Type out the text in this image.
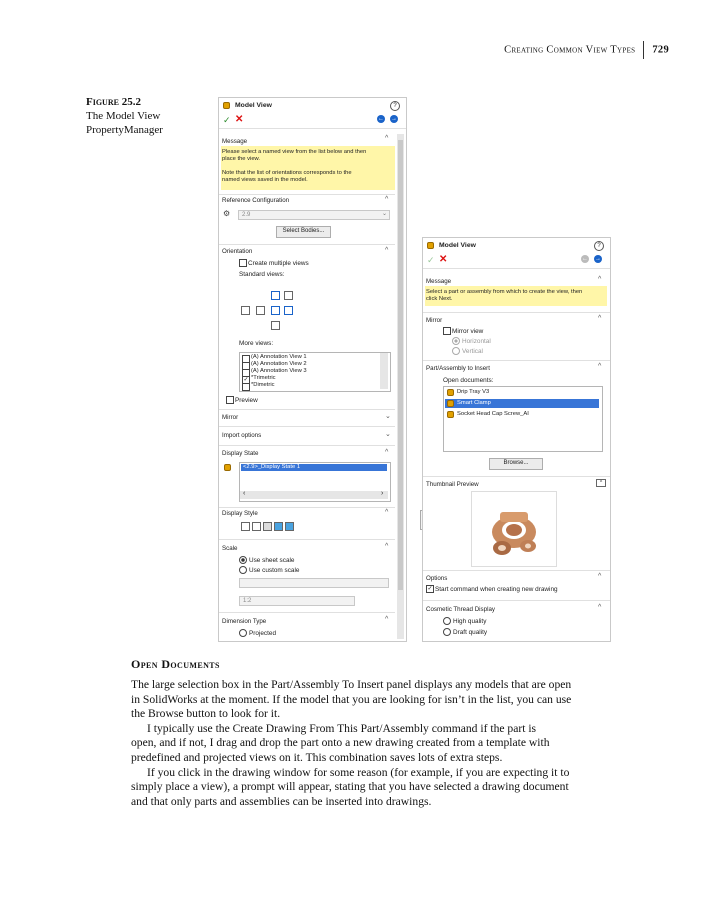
Creating Common View Types 729
Figure 25.2
The Model View
PropertyManager
Model View	?
✓ ✕	← →
Message	^
Please select a named view from the list below and then
place the view.
Note that the list of orientations corresponds to the
named views saved in the model.
Reference Configuration	^
⚙	2.9	⌄
Select Bodies...
Orientation	^
Create multiple views
Standard views:
More views:
(A) Annotation View 1
(A) Annotation View 2
(A) Annotation View 3
✓ *Trimetric
*Dimetric
Preview
Mirror	⌄
Import options	⌄
Display State	^
<2.9>_Display State 1
‹	›
Display Style	^
Scale	^
Use sheet scale
Use custom scale
1:2
Dimension Type	^
Projected
Model View	?
✓ ✕	← →
Message	^
Select a part or assembly from which to create the view, then
click Next.
Mirror	^
Mirror view
Horizontal
Vertical
Part/Assembly to Insert	^
Open documents:
Drip Tray V3
Smart Clamp
Socket Head Cap Screw_AI
Browse...
Thumbnail Preview	^
Options	^
✓ Start command when creating new drawing
Cosmetic Thread Display	^
High quality
Draft quality
Open Documents

The large selection box in the Part/Assembly To Insert panel displays any models that are open

in SolidWorks at the moment. If the model that you are looking for isn’t in the list, you can use

the Browse button to look for it.

I typically use the Create Drawing From This Part/Assembly command if the part is

open, and if not, I drag and drop the part onto a new drawing created from a template with

predefined and projected views on it. This combination saves lots of extra steps.

If you click in the drawing window for some reason (for example, if you are expecting it to

simply place a view), a prompt will appear, stating that you have selected a drawing document

and that only parts and assemblies can be inserted into drawings.
